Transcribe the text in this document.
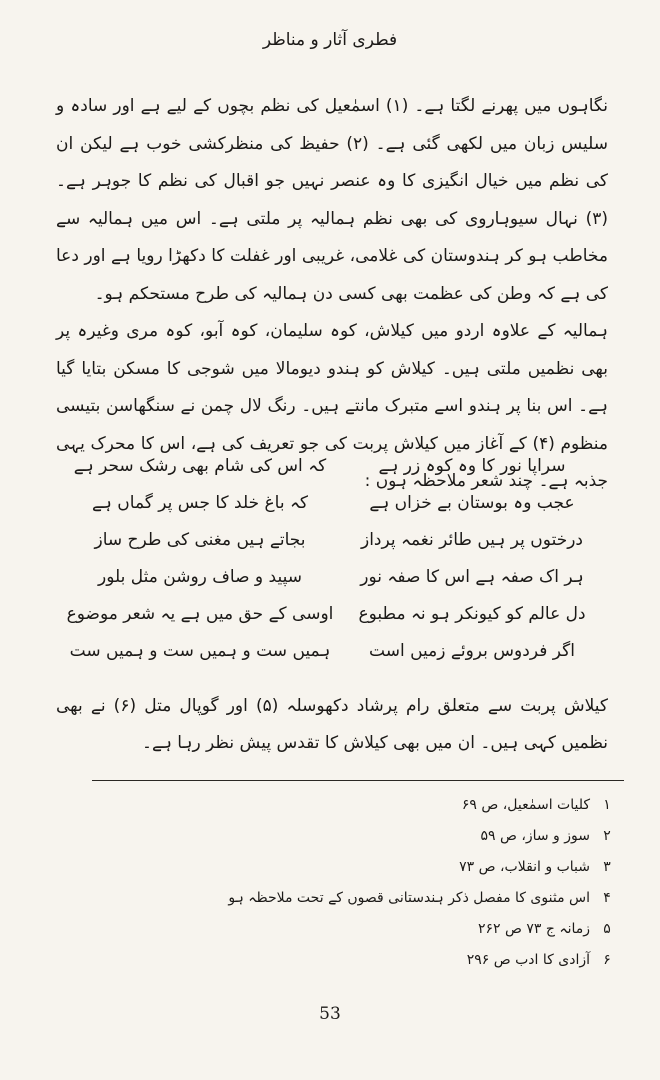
فطری آثار و مناظر

نگاہوں میں پھرنے لگتا ہے۔ (۱) اسمٰعیل کی نظم بچوں کے لیے ہے اور سادہ و سلیس زبان میں لکھی گئی ہے۔ (۲) حفیظ کی منظرکشی خوب ہے لیکن ان کی نظم میں خیال انگیزی کا وہ عنصر نہیں جو اقبال کی نظم کا جوہر ہے۔ (۳) نہال سیوہاروی کی بھی نظم ہمالیہ پر ملتی ہے۔ اس میں ہمالیہ سے مخاطب ہو کر ہندوستان کی غلامی، غریبی اور غفلت کا دکھڑا رویا ہے اور دعا کی ہے کہ وطن کی عظمت بھی کسی دن ہمالیہ کی طرح مستحکم ہو۔

ہمالیہ کے علاوہ اردو میں کیلاش، کوہ سلیمان، کوہ آبو، کوہ مری وغیرہ پر بھی نظمیں ملتی ہیں۔ کیلاش کو ہندو دیومالا میں شوجی کا مسکن بتایا گیا ہے۔ اس بنا پر ہندو اسے متبرک مانتے ہیں۔ رنگ لال چمن نے سنگھاسن بتیسی منظوم (۴) کے آغاز میں کیلاش پربت کی جو تعریف کی ہے، اس کا محرک یہی جذبہ ہے۔ چند شعر ملاحظہ ہوں :

سراپا نور کا وہ کوہ زر ہے
کہ اس کی شام بھی رشک سحر ہے
عجب وہ بوستان بے خزاں ہے
کہ باغ خلد کا جس پر گماں ہے
درختوں پر ہیں طائر نغمہ پرداز
بجاتے ہیں مغنی کی طرح ساز
ہر اک صفہ ہے اس کا صفہ نور
سپید و صاف روشن مثل بلور
دل عالم کو کیونکر ہو نہ مطبوع
اوسی کے حق میں ہے یہ شعر موضوع
اگر فردوس بروئے زمیں است
ہمیں ست و ہمیں ست و ہمیں ست
کیلاش پربت سے متعلق رام پرشاد دکھوسلہ (۵) اور گوپال متل (۶) نے بھی نظمیں کہی ہیں۔ ان میں بھی کیلاش کا تقدس پیش نظر رہا ہے۔
۱
کلیات اسمٰعیل، ص ۶۹
۲
سوز و ساز، ص ۵۹
۳
شباب و انقلاب، ص ۷۳
۴
اس مثنوی کا مفصل ذکر ہندستانی قصوں کے تحت ملاحظہ ہو
۵
زمانہ ج ۷۳ ص ۲۶۲
۶
آزادی کا ادب ص ۲۹۶
53
